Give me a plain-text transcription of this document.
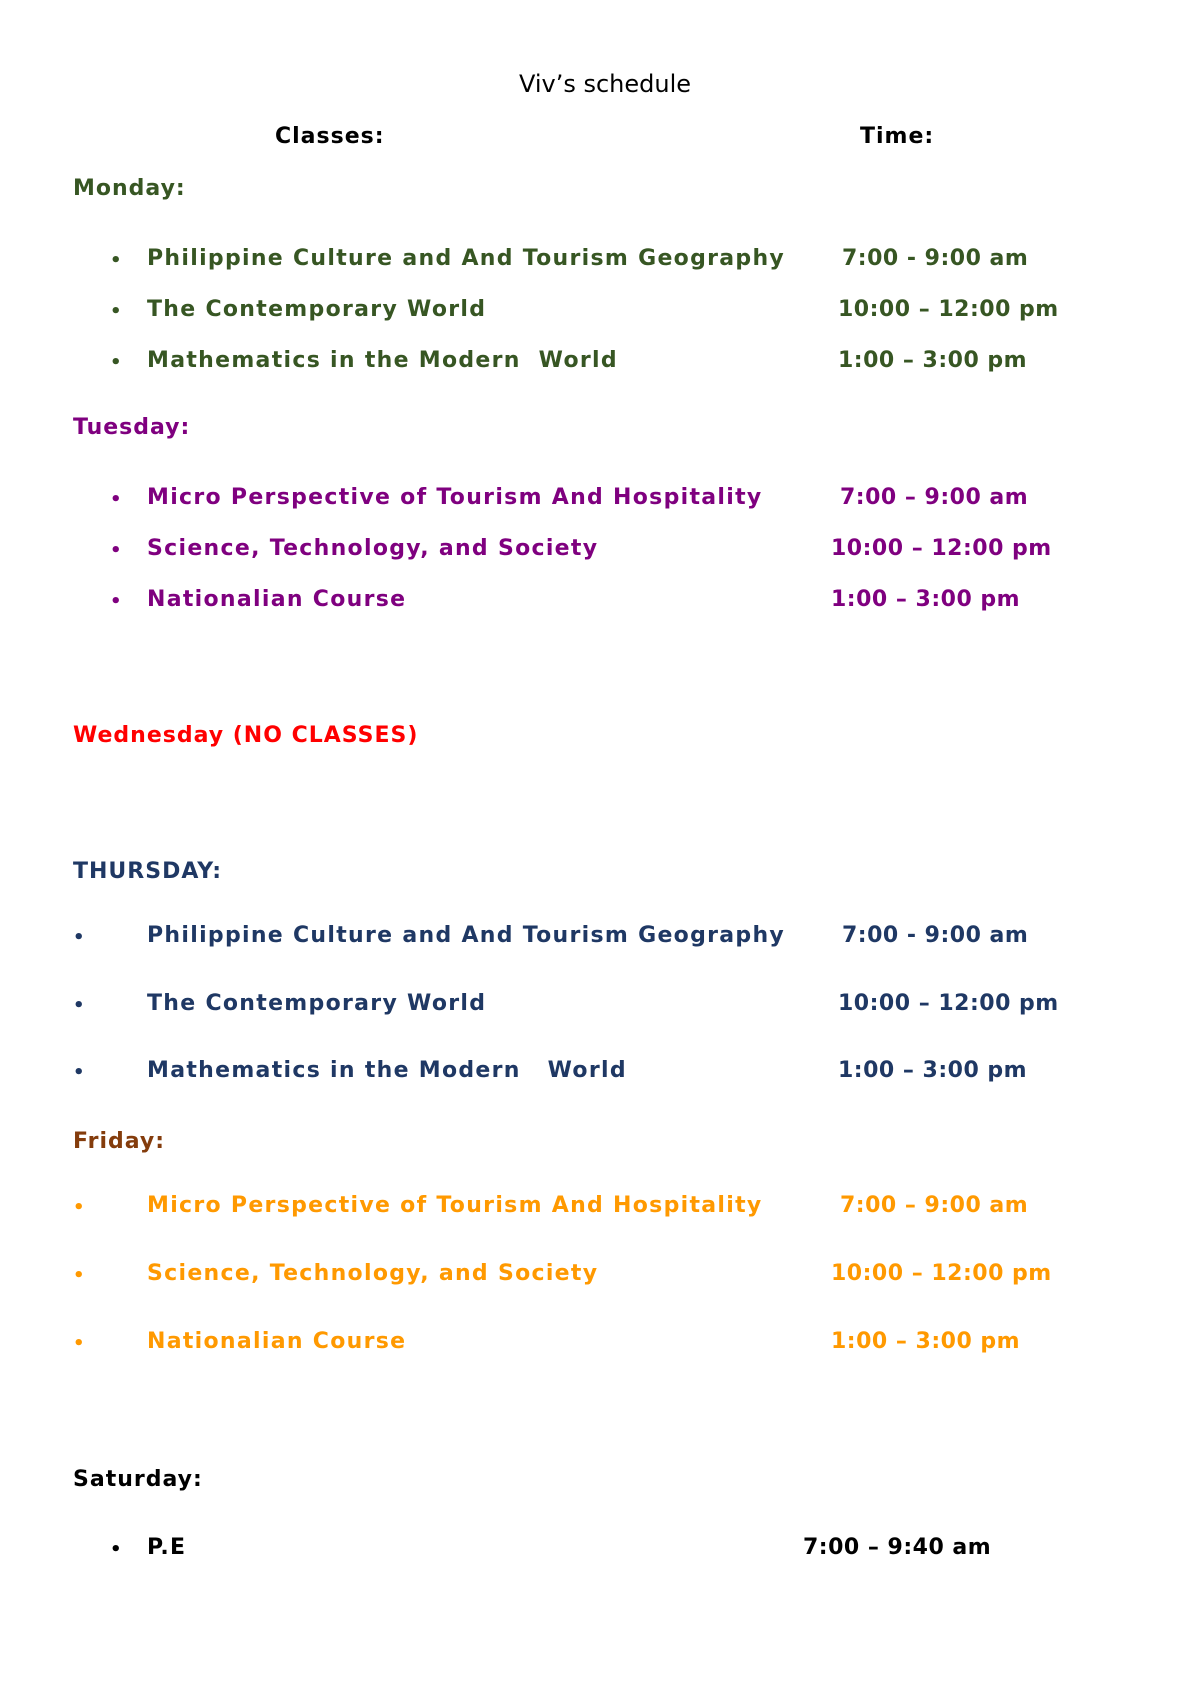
Viv’s schedule
Classes:	Time:
Monday:
• Philippine Culture and And Tourism Geography	7:00 - 9:00 am
• The Contemporary World	10:00 – 12:00 pm
• Mathematics in the Modern  World	1:00 – 3:00 pm
Tuesday:
• Micro Perspective of Tourism And Hospitality	7:00 – 9:00 am
• Science, Technology, and Society	10:00 – 12:00 pm
• Nationalian Course	1:00 – 3:00 pm
Wednesday (NO CLASSES)
THURSDAY:
•	Philippine Culture and And Tourism Geography	7:00 - 9:00 am
•	The Contemporary World	10:00 – 12:00 pm
•	Mathematics in the Modern   World	1:00 – 3:00 pm
Friday:
•	Micro Perspective of Tourism And Hospitality	7:00 – 9:00 am
•	Science, Technology, and Society	10:00 – 12:00 pm
•	Nationalian Course	1:00 – 3:00 pm
Saturday:
• P.E	7:00 – 9:40 am
